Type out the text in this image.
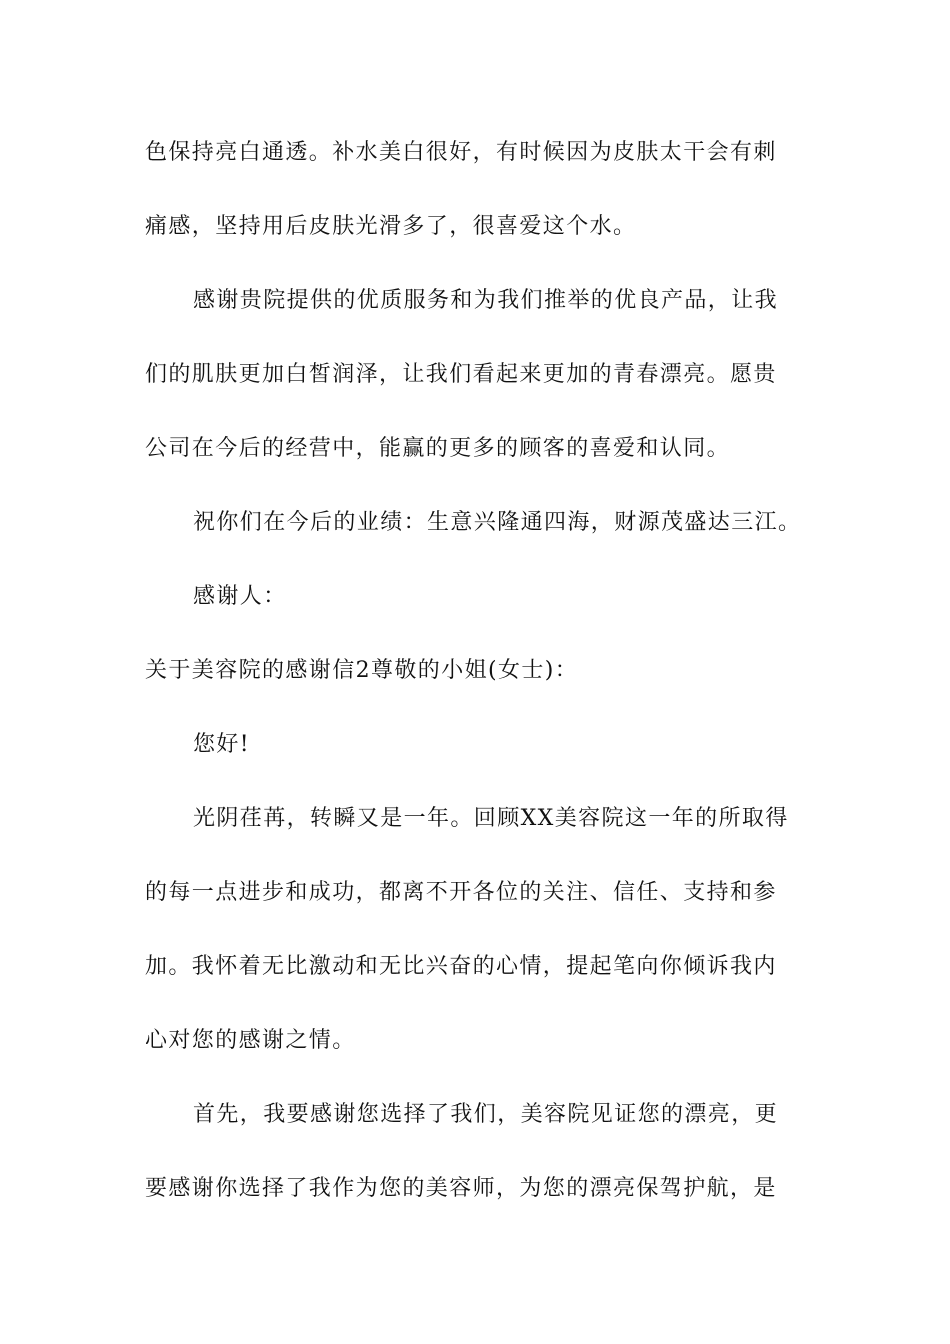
色保持亮白通透。补水美白很好，有时候因为皮肤太干会有刺
痛感，坚持用后皮肤光滑多了，很喜爱这个水。
感谢贵院提供的优质服务和为我们推举的优良产品，让我
们的肌肤更加白皙润泽，让我们看起来更加的青春漂亮。愿贵
公司在今后的经营中，能赢的更多的顾客的喜爱和认同。
祝你们在今后的业绩：生意兴隆通四海，财源茂盛达三江。
感谢人：
关于美容院的感谢信2尊敬的小姐(女士)：
您好!
光阴荏苒，转瞬又是一年。回顾XX美容院这一年的所取得
的每一点进步和成功，都离不开各位的关注、信任、支持和参
加。我怀着无比激动和无比兴奋的心情，提起笔向你倾诉我内
心对您的感谢之情。
首先，我要感谢您选择了我们，美容院见证您的漂亮，更
要感谢你选择了我作为您的美容师，为您的漂亮保驾护航，是
